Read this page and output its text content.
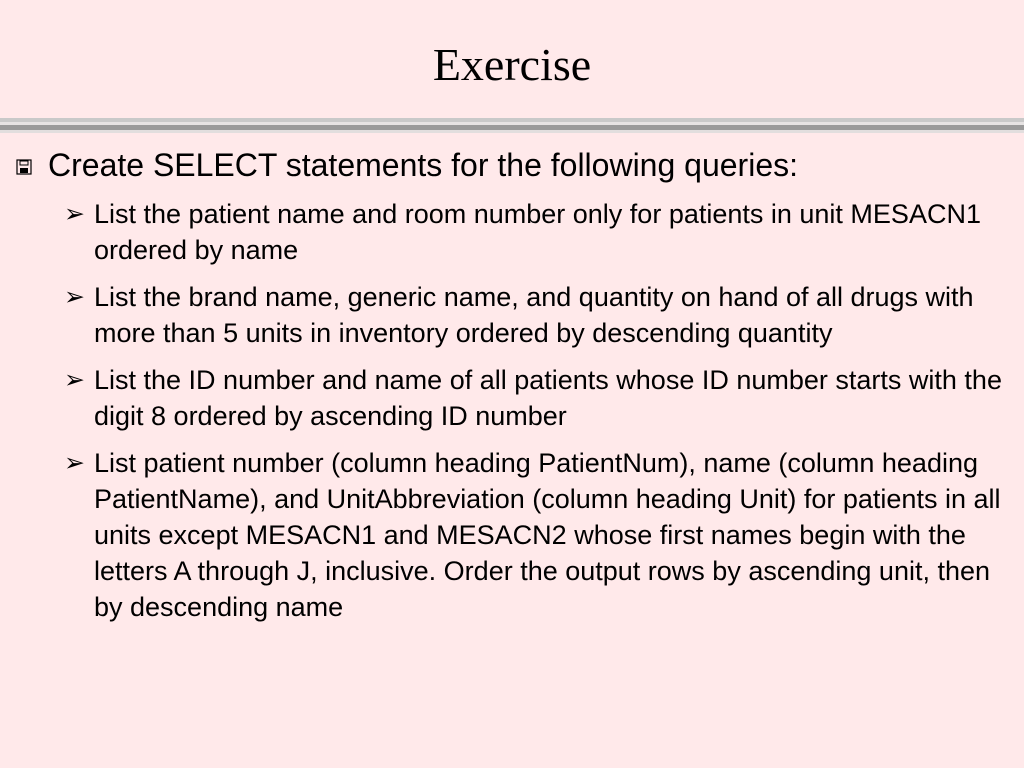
Exercise
Create SELECT statements for the following queries:
➢ List the patient name and room number only for patients in unit MESACN1 ordered by name
➢ List the brand name, generic name, and quantity on hand of all drugs with more than 5 units in inventory ordered by descending quantity
➢ List the ID number and name of all patients whose ID number starts with the digit 8 ordered by ascending ID number
➢ List patient number (column heading PatientNum), name (column heading PatientName), and UnitAbbreviation (column heading Unit) for patients in all units except MESACN1 and MESACN2 whose first names begin with the letters A through J, inclusive. Order the output rows by ascending unit, then by descending name
